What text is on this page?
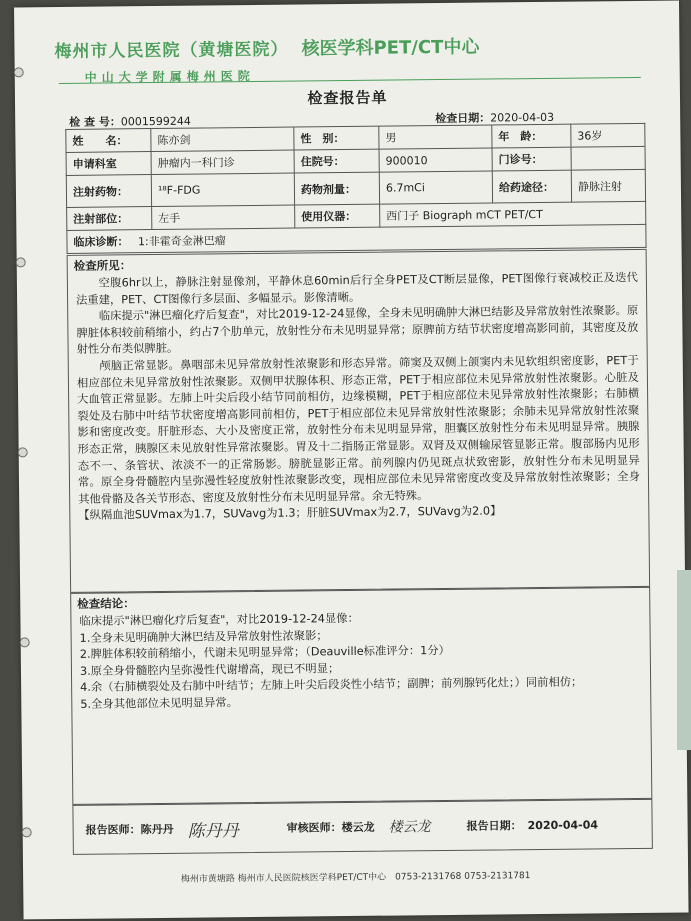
梅州市人民医院（黄塘医院） 核医学科PET/CT中心
中山大学附属梅州医院
检查报告单
检 查 号：0001599244	检查日期：2020-04-03
姓　　名：	陈亦剑	性　别：	男	年　龄：	36岁
申请科室	肿瘤内一科门诊	住院号：	900010	门诊号：	
注射药物：	¹⁸F-FDG	药物剂量：	6.7mCi	给药途径：	静脉注射
注射部位：	左手	使用仪器：	西门子 Biograph mCT PET/CT		
临床诊断： 1:非霍奇金淋巴瘤					
检查所见：

空腹6hr以上，静脉注射显像剂，平静休息60min后行全身PET及CT断层显像，PET图像行衰减校正及迭代法重建，PET、CT图像行多层面、多幅显示。影像清晰。

临床提示"淋巴瘤化疗后复查"，对比2019-12-24显像，全身未见明确肿大淋巴结影及异常放射性浓聚影。原脾脏体积较前稍缩小，约占7个肋单元，放射性分布未见明显异常；原脾前方结节状密度增高影同前，其密度及放射性分布类似脾脏。

颅脑正常显影。鼻咽部未见异常放射性浓聚影和形态异常。筛窦及双侧上颌窦内未见软组织密度影，PET于相应部位未见异常放射性浓聚影。双侧甲状腺体积、形态正常，PET于相应部位未见异常放射性浓聚影。心脏及大血管正常显影。左肺上叶尖后段小结节同前相仿，边缘模糊，PET于相应部位未见异常放射性浓聚影；右肺横裂处及右肺中叶结节状密度增高影同前相仿，PET于相应部位未见异常放射性浓聚影；余肺未见异常放射性浓聚影和密度改变。肝脏形态、大小及密度正常，放射性分布未见明显异常，胆囊区放射性分布未见明显异常。胰腺形态正常，胰腺区未见放射性异常浓聚影。胃及十二指肠正常显影。双肾及双侧输尿管显影正常。腹部肠内见形态不一、条管状、浓淡不一的正常肠影。膀胱显影正常。前列腺内仍见斑点状致密影，放射性分布未见明显异常。原全身骨髓腔内呈弥漫性轻度放射性浓聚影改变，现相应部位未见异常密度改变及异常放射性浓聚影；全身其他骨骼及各关节形态、密度及放射性分布未见明显异常。余无特殊。

【纵隔血池SUVmax为1.7，SUVavg为1.3；肝脏SUVmax为2.7，SUVavg为2.0】

检查结论：

临床提示"淋巴瘤化疗后复查"，对比2019-12-24显像：

1.全身未见明确肿大淋巴结及异常放射性浓聚影；

2.脾脏体积较前稍缩小，代谢未见明显异常；（Deauville标准评分：1分）

3.原全身骨髓腔内呈弥漫性代谢增高，现已不明显；

4.余（右肺横裂处及右肺中叶结节；左肺上叶尖后段炎性小结节；副脾；前列腺钙化灶；）同前相仿；

5.全身其他部位未见明显异常。

报告医师： 陈丹丹 陈丹丹	审核医师： 楼云龙 楼云龙	报告日期： 2020-04-04
梅州市黄塘路 梅州市人民医院核医学科PET/CT中心　0753-2131768 0753-2131781
